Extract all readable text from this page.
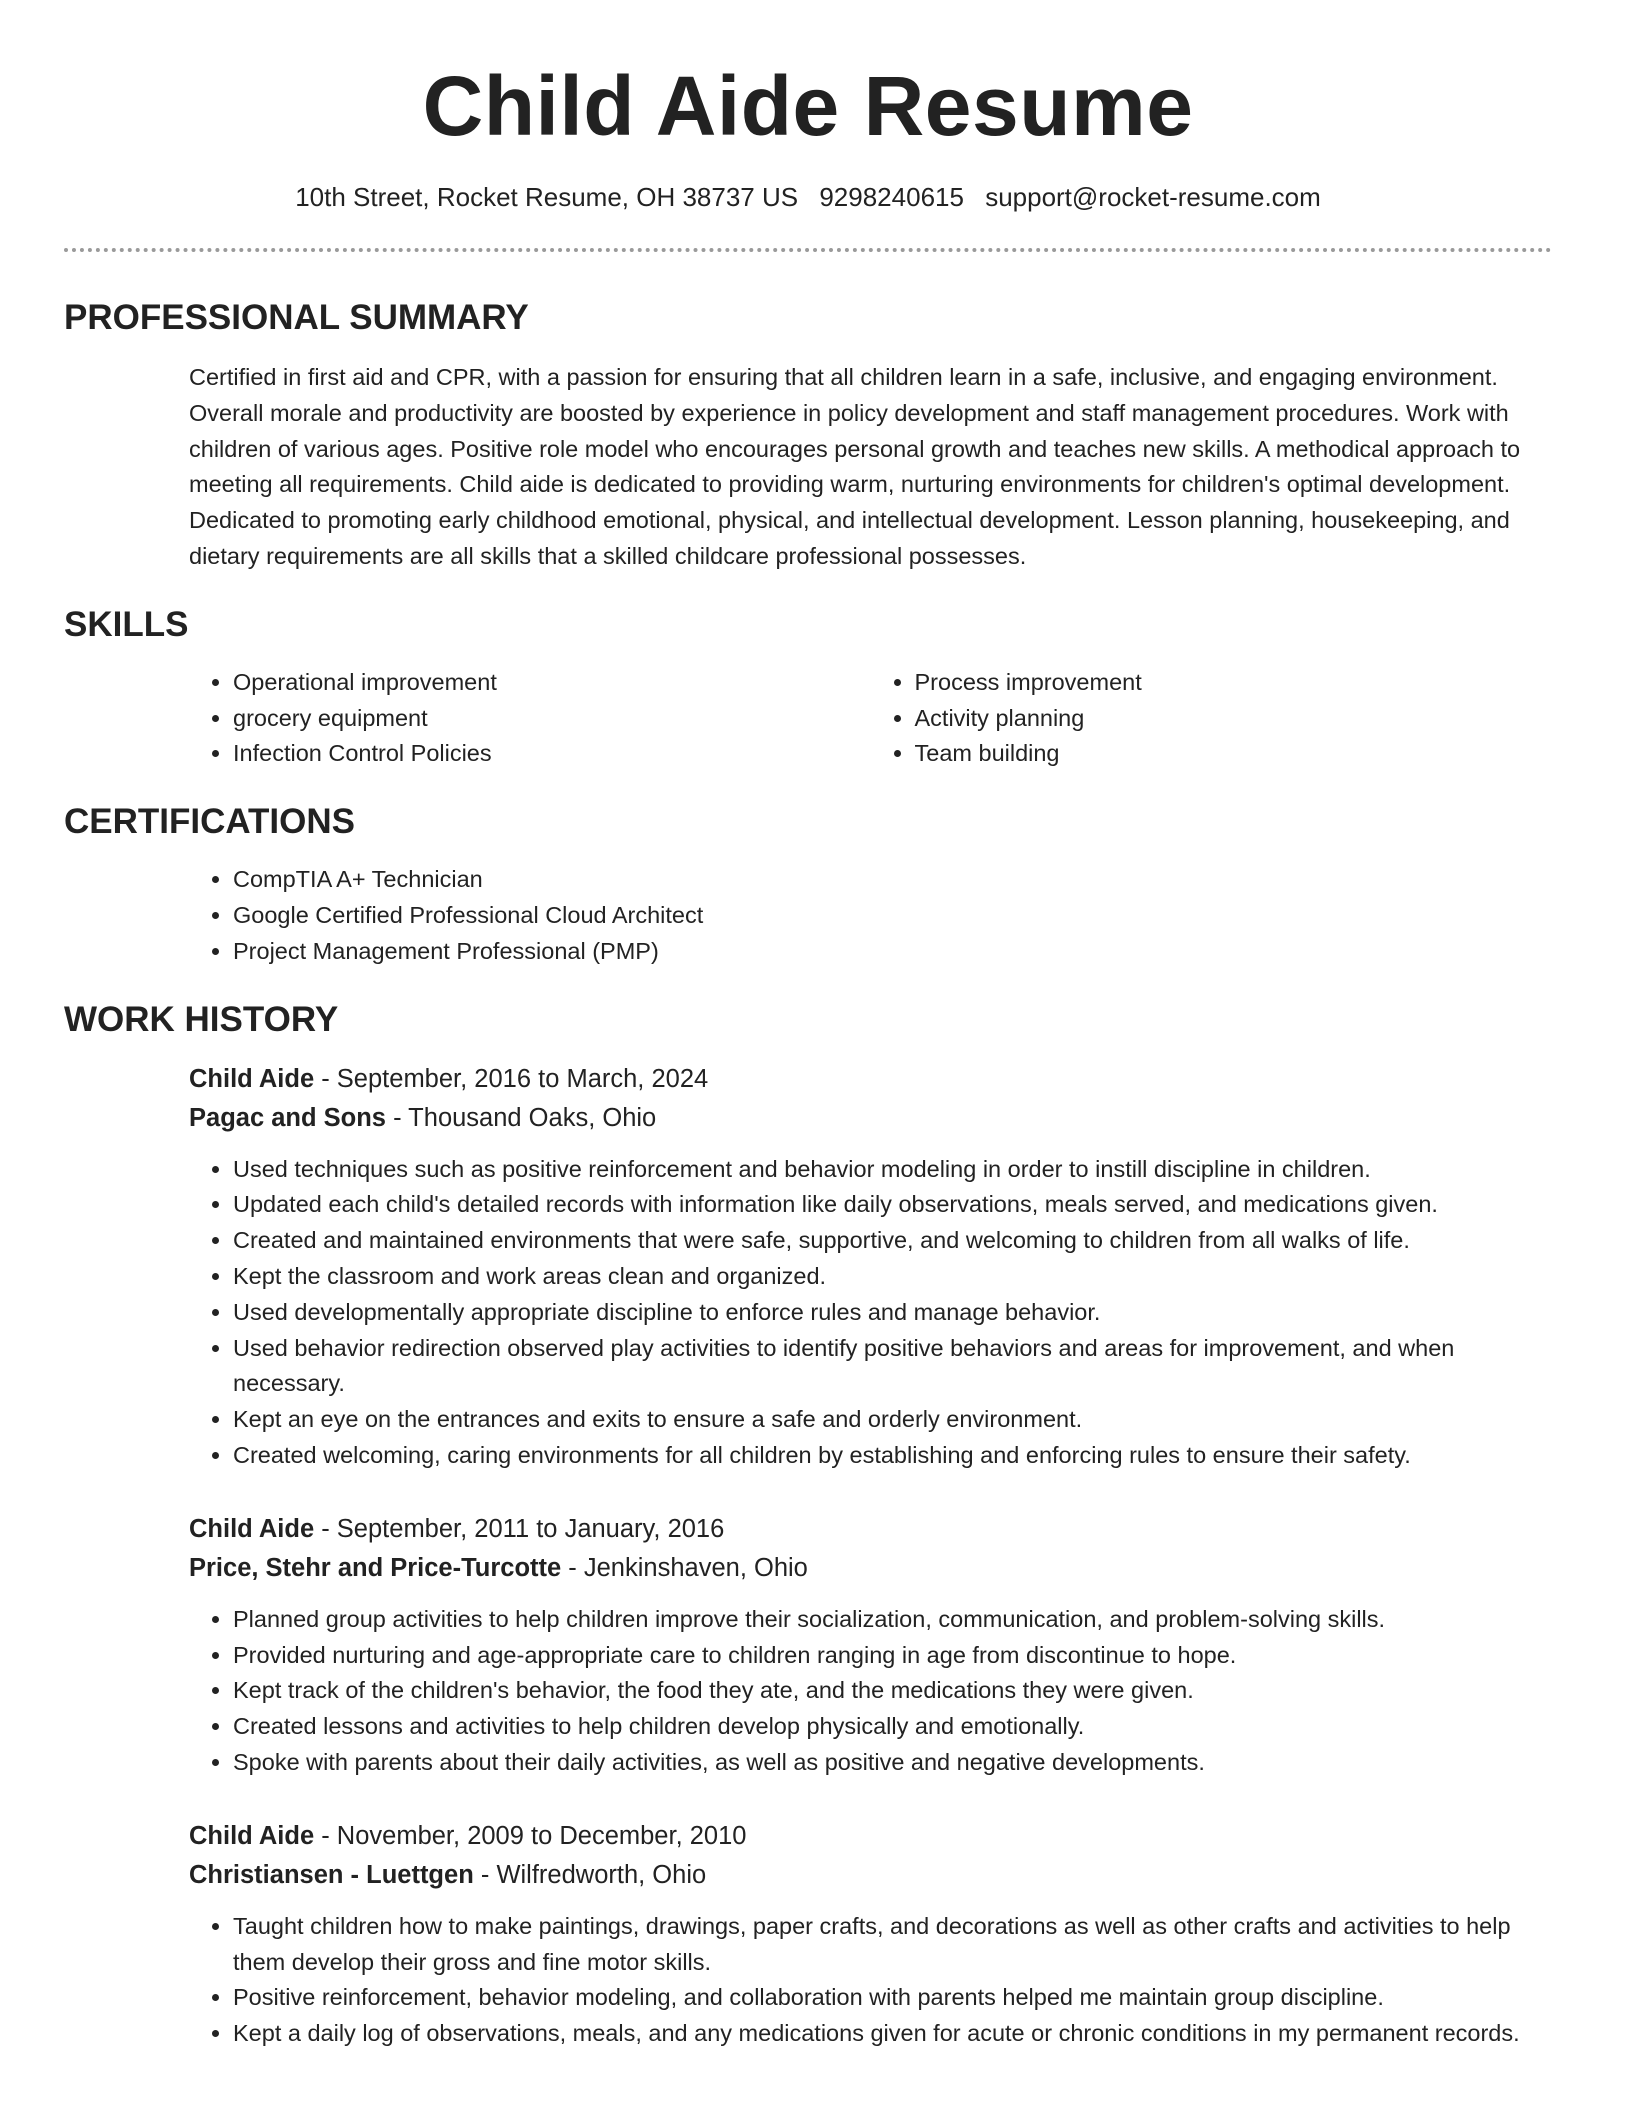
Child Aide Resume
10th Street, Rocket Resume, OH 38737 US 9298240615 support@rocket-resume.com
PROFESSIONAL SUMMARY

Certified in first aid and CPR, with a passion for ensuring that all children learn in a safe, inclusive, and engaging environment. Overall morale and productivity are boosted by experience in policy development and staff management procedures. Work with children of various ages. Positive role model who encourages personal growth and teaches new skills. A methodical approach to meeting all requirements. Child aide is dedicated to providing warm, nurturing environments for children's optimal development. Dedicated to promoting early childhood emotional, physical, and intellectual development. Lesson planning, housekeeping, and dietary requirements are all skills that a skilled childcare professional possesses.

SKILLS
• Operational improvement
• grocery equipment
• Infection Control Policies
• Process improvement
• Activity planning
• Team building
CERTIFICATIONS
• CompTIA A+ Technician
• Google Certified Professional Cloud Architect
• Project Management Professional (PMP)
WORK HISTORY
Child Aide - September, 2016 to March, 2024
Pagac and Sons - Thousand Oaks, Ohio
• Used techniques such as positive reinforcement and behavior modeling in order to instill discipline in children.
• Updated each child's detailed records with information like daily observations, meals served, and medications given.
• Created and maintained environments that were safe, supportive, and welcoming to children from all walks of life.
• Kept the classroom and work areas clean and organized.
• Used developmentally appropriate discipline to enforce rules and manage behavior.
• Used behavior redirection observed play activities to identify positive behaviors and areas for improvement, and when necessary.
• Kept an eye on the entrances and exits to ensure a safe and orderly environment.
• Created welcoming, caring environments for all children by establishing and enforcing rules to ensure their safety.
Child Aide - September, 2011 to January, 2016
Price, Stehr and Price-Turcotte - Jenkinshaven, Ohio
• Planned group activities to help children improve their socialization, communication, and problem-solving skills.
• Provided nurturing and age-appropriate care to children ranging in age from discontinue to hope.
• Kept track of the children's behavior, the food they ate, and the medications they were given.
• Created lessons and activities to help children develop physically and emotionally.
• Spoke with parents about their daily activities, as well as positive and negative developments.
Child Aide - November, 2009 to December, 2010
Christiansen - Luettgen - Wilfredworth, Ohio
• Taught children how to make paintings, drawings, paper crafts, and decorations as well as other crafts and activities to help them develop their gross and fine motor skills.
• Positive reinforcement, behavior modeling, and collaboration with parents helped me maintain group discipline.
• Kept a daily log of observations, meals, and any medications given for acute or chronic conditions in my permanent records.
